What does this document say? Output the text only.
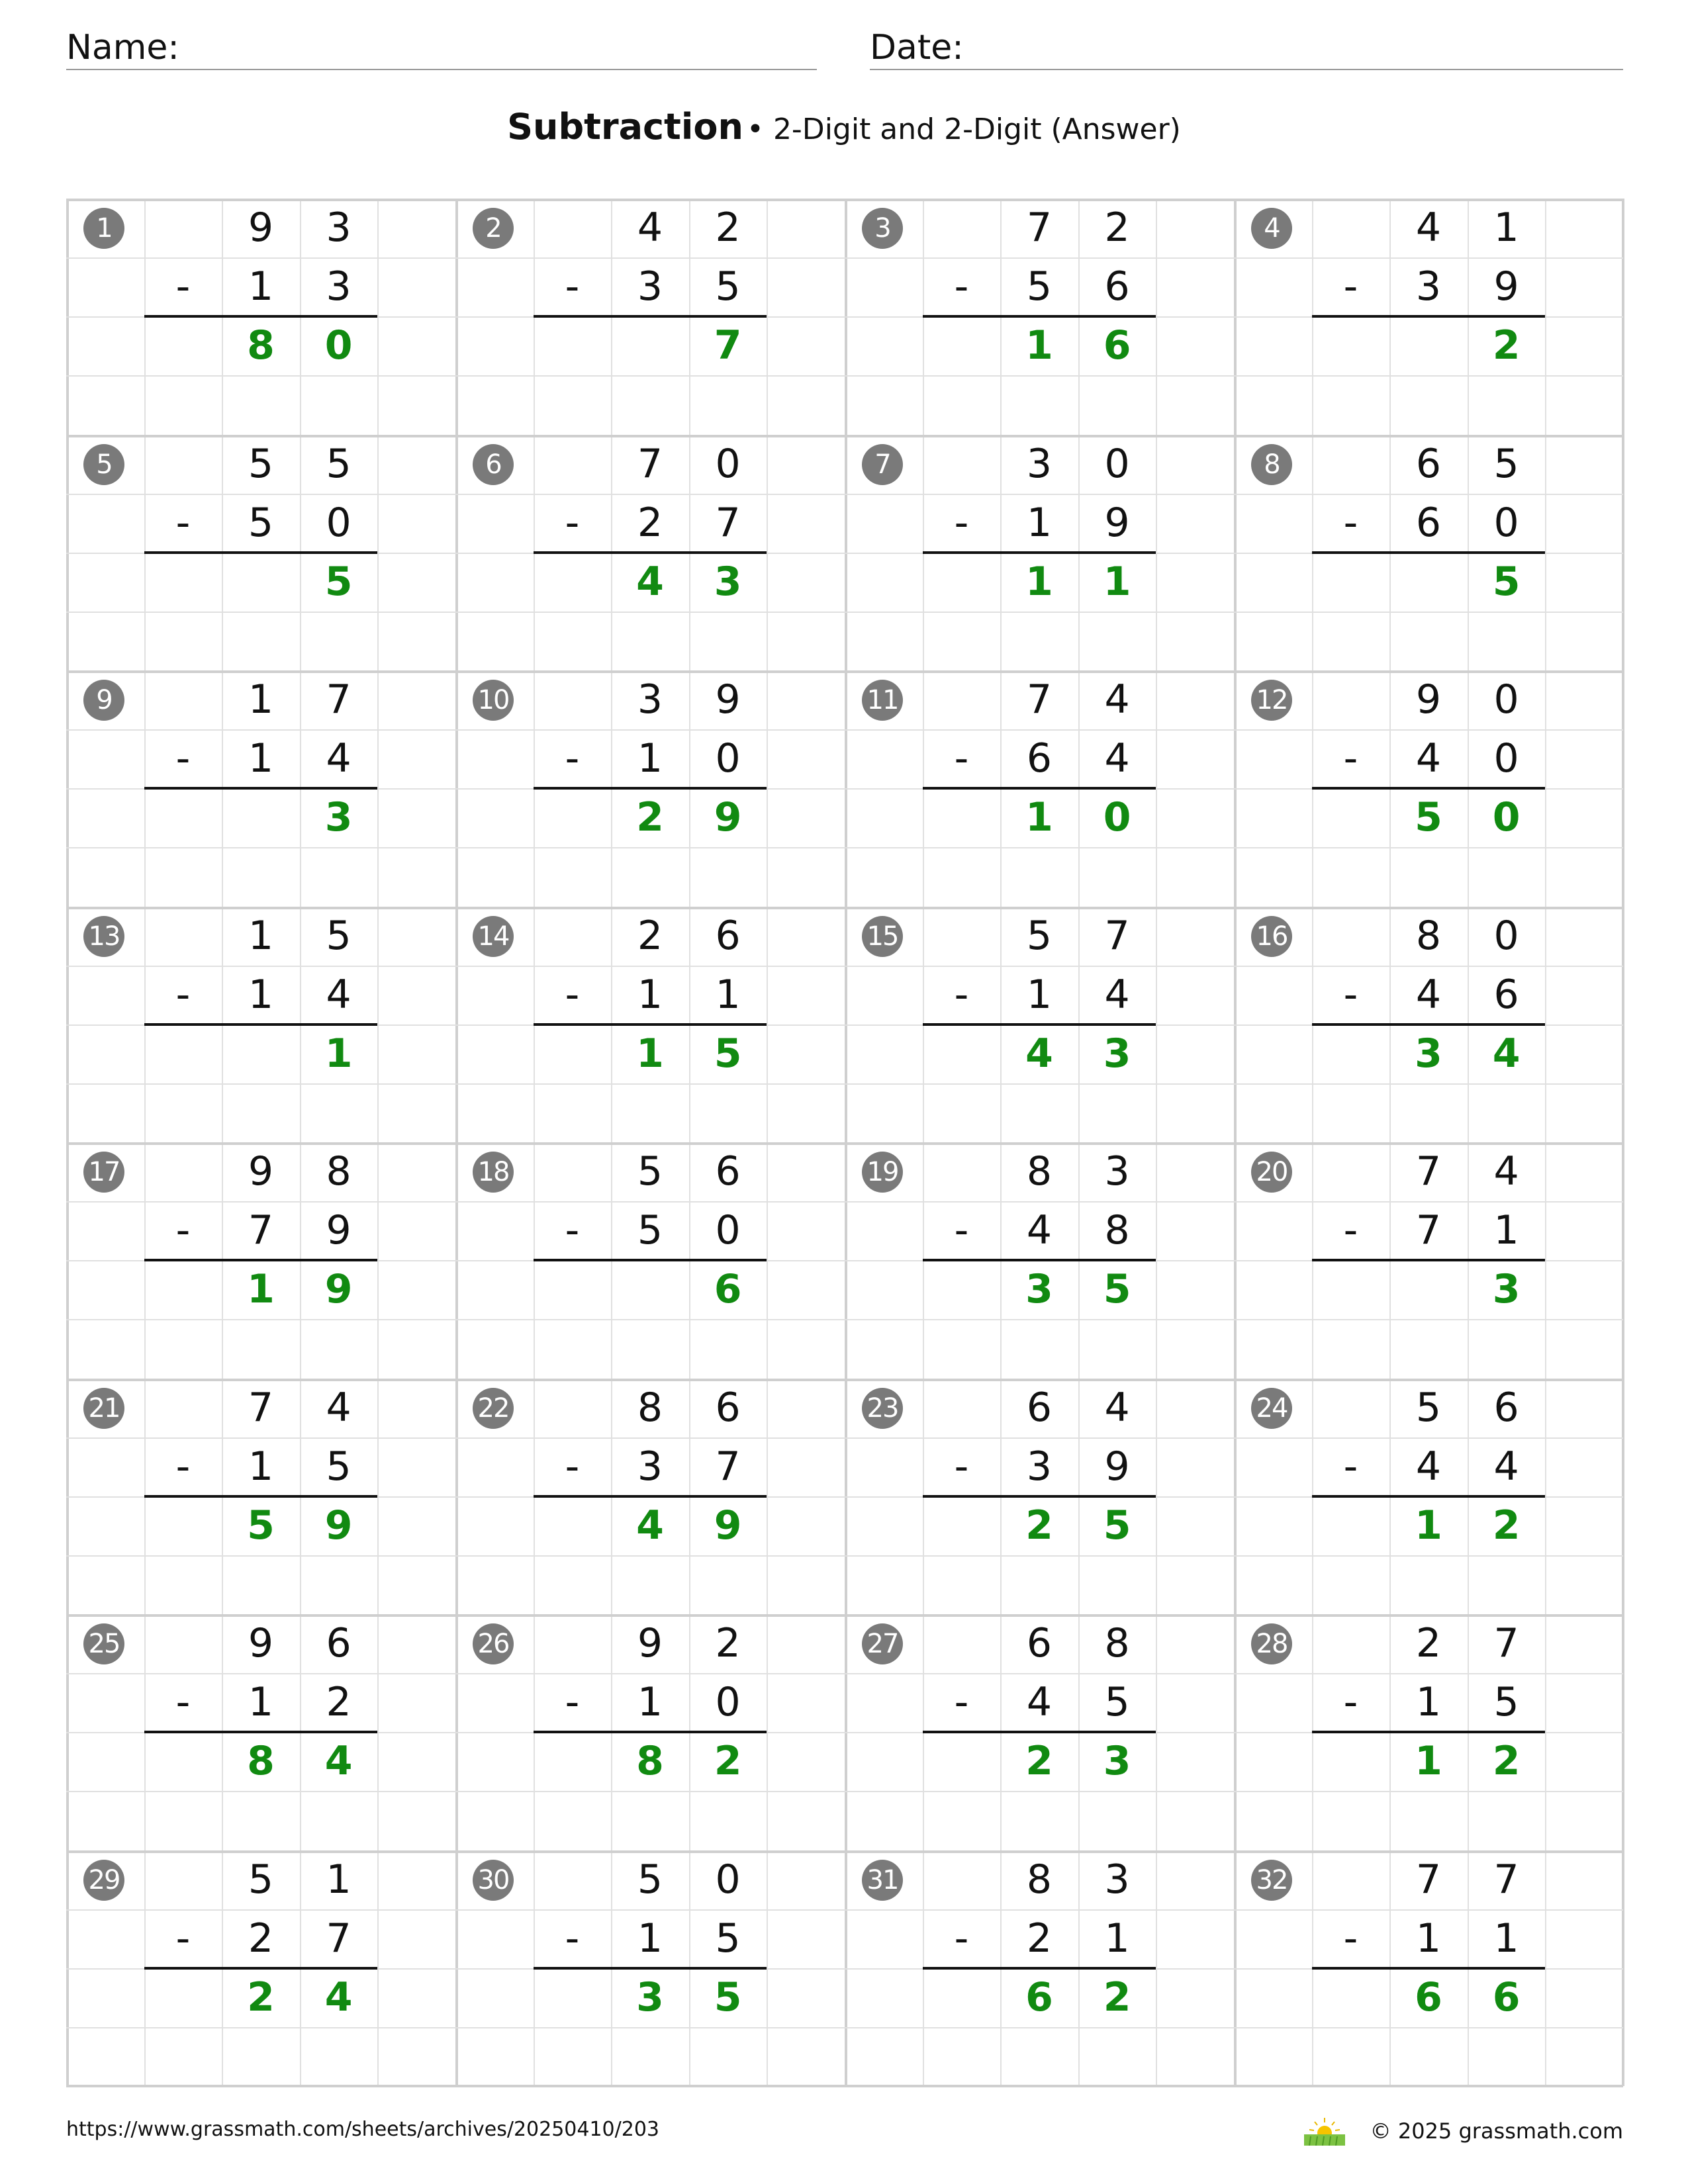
Name:	Date:
Subtraction • 2-Digit and 2-Digit (Answer)
1	9	3
-	1	3
8	0
2	4	2
-	3	5
7
3	7	2
-	5	6
1	6
4	4	1
-	3	9
2
5	5	5
-	5	0
5
6	7	0
-	2	7
4	3
7	3	0
-	1	9
1	1
8	6	5
-	6	0
5
9	1	7
-	1	4
3
10	3	9
-	1	0
2	9
11	7	4
-	6	4
1	0
12	9	0
-	4	0
5	0
13	1	5
-	1	4
1
14	2	6
-	1	1
1	5
15	5	7
-	1	4
4	3
16	8	0
-	4	6
3	4
17	9	8
-	7	9
1	9
18	5	6
-	5	0
6
19	8	3
-	4	8
3	5
20	7	4
-	7	1
3
21	7	4
-	1	5
5	9
22	8	6
-	3	7
4	9
23	6	4
-	3	9
2	5
24	5	6
-	4	4
1	2
25	9	6
-	1	2
8	4
26	9	2
-	1	0
8	2
27	6	8
-	4	5
2	3
28	2	7
-	1	5
1	2
29	5	1
-	2	7
2	4
30	5	0
-	1	5
3	5
31	8	3
-	2	1
6	2
32	7	7
-	1	1
6	6
https://www.grassmath.com/sheets/archives/20250410/203	© 2025 grassmath.com
